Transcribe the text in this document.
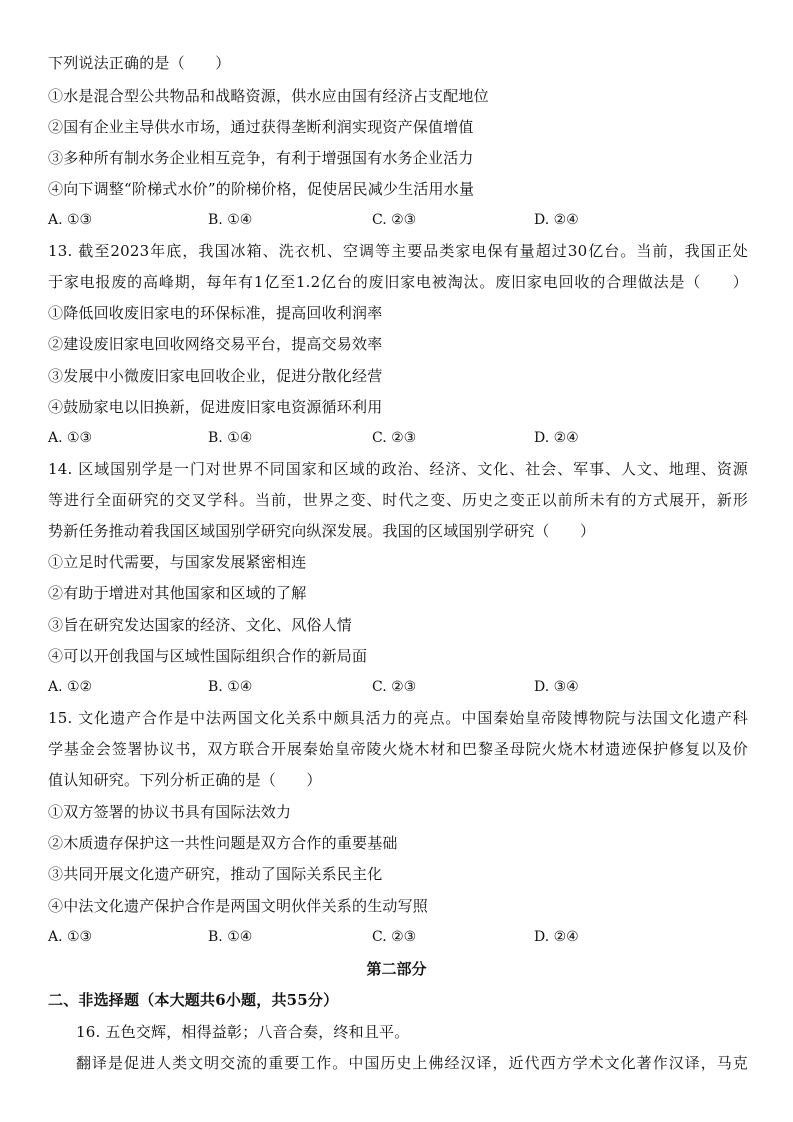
下列说法正确的是（　　）
①水是混合型公共物品和战略资源，供水应由国有经济占支配地位
②国有企业主导供水市场，通过获得垄断利润实现资产保值增值
③多种所有制水务企业相互竞争，有利于增强国有水务企业活力
④向下调整“阶梯式水价”的阶梯价格，促使居民减少生活用水量
A. ①③	B. ①④	C. ②③	D. ②④
13. 截至2023年底，我国冰箱、洗衣机、空调等主要品类家电保有量超过30亿台。当前，我国正处
于家电报废的高峰期，每年有1亿至1.2亿台的废旧家电被淘汰。废旧家电回收的合理做法是（　　）
①降低回收废旧家电的环保标准，提高回收利润率
②建设废旧家电回收网络交易平台，提高交易效率
③发展中小微废旧家电回收企业，促进分散化经营
④鼓励家电以旧换新，促进废旧家电资源循环利用
A. ①③	B. ①④	C. ②③	D. ②④
14. 区域国别学是一门对世界不同国家和区域的政治、经济、文化、社会、军事、人文、地理、资源
等进行全面研究的交叉学科。当前，世界之变、时代之变、历史之变正以前所未有的方式展开，新形
势新任务推动着我国区域国别学研究向纵深发展。我国的区域国别学研究（　　）
①立足时代需要，与国家发展紧密相连
②有助于增进对其他国家和区域的了解
③旨在研究发达国家的经济、文化、风俗人情
④可以开创我国与区域性国际组织合作的新局面
A. ①②	B. ①④	C. ②③	D. ③④
15. 文化遗产合作是中法两国文化关系中颇具活力的亮点。中国秦始皇帝陵博物院与法国文化遗产科
学基金会签署协议书，双方联合开展秦始皇帝陵火烧木材和巴黎圣母院火烧木材遗迹保护修复以及价
值认知研究。下列分析正确的是（　　）
①双方签署的协议书具有国际法效力
②木质遗存保护这一共性问题是双方合作的重要基础
③共同开展文化遗产研究，推动了国际关系民主化
④中法文化遗产保护合作是两国文明伙伴关系的生动写照
A. ①③	B. ①④	C. ②③	D. ②④
第二部分
二、非选择题（本大题共6小题，共55分）
16. 五色交辉，相得益彰；八音合奏，终和且平。
翻译是促进人类文明交流的重要工作。中国历史上佛经汉译，近代西方学术文化著作汉译，马克
